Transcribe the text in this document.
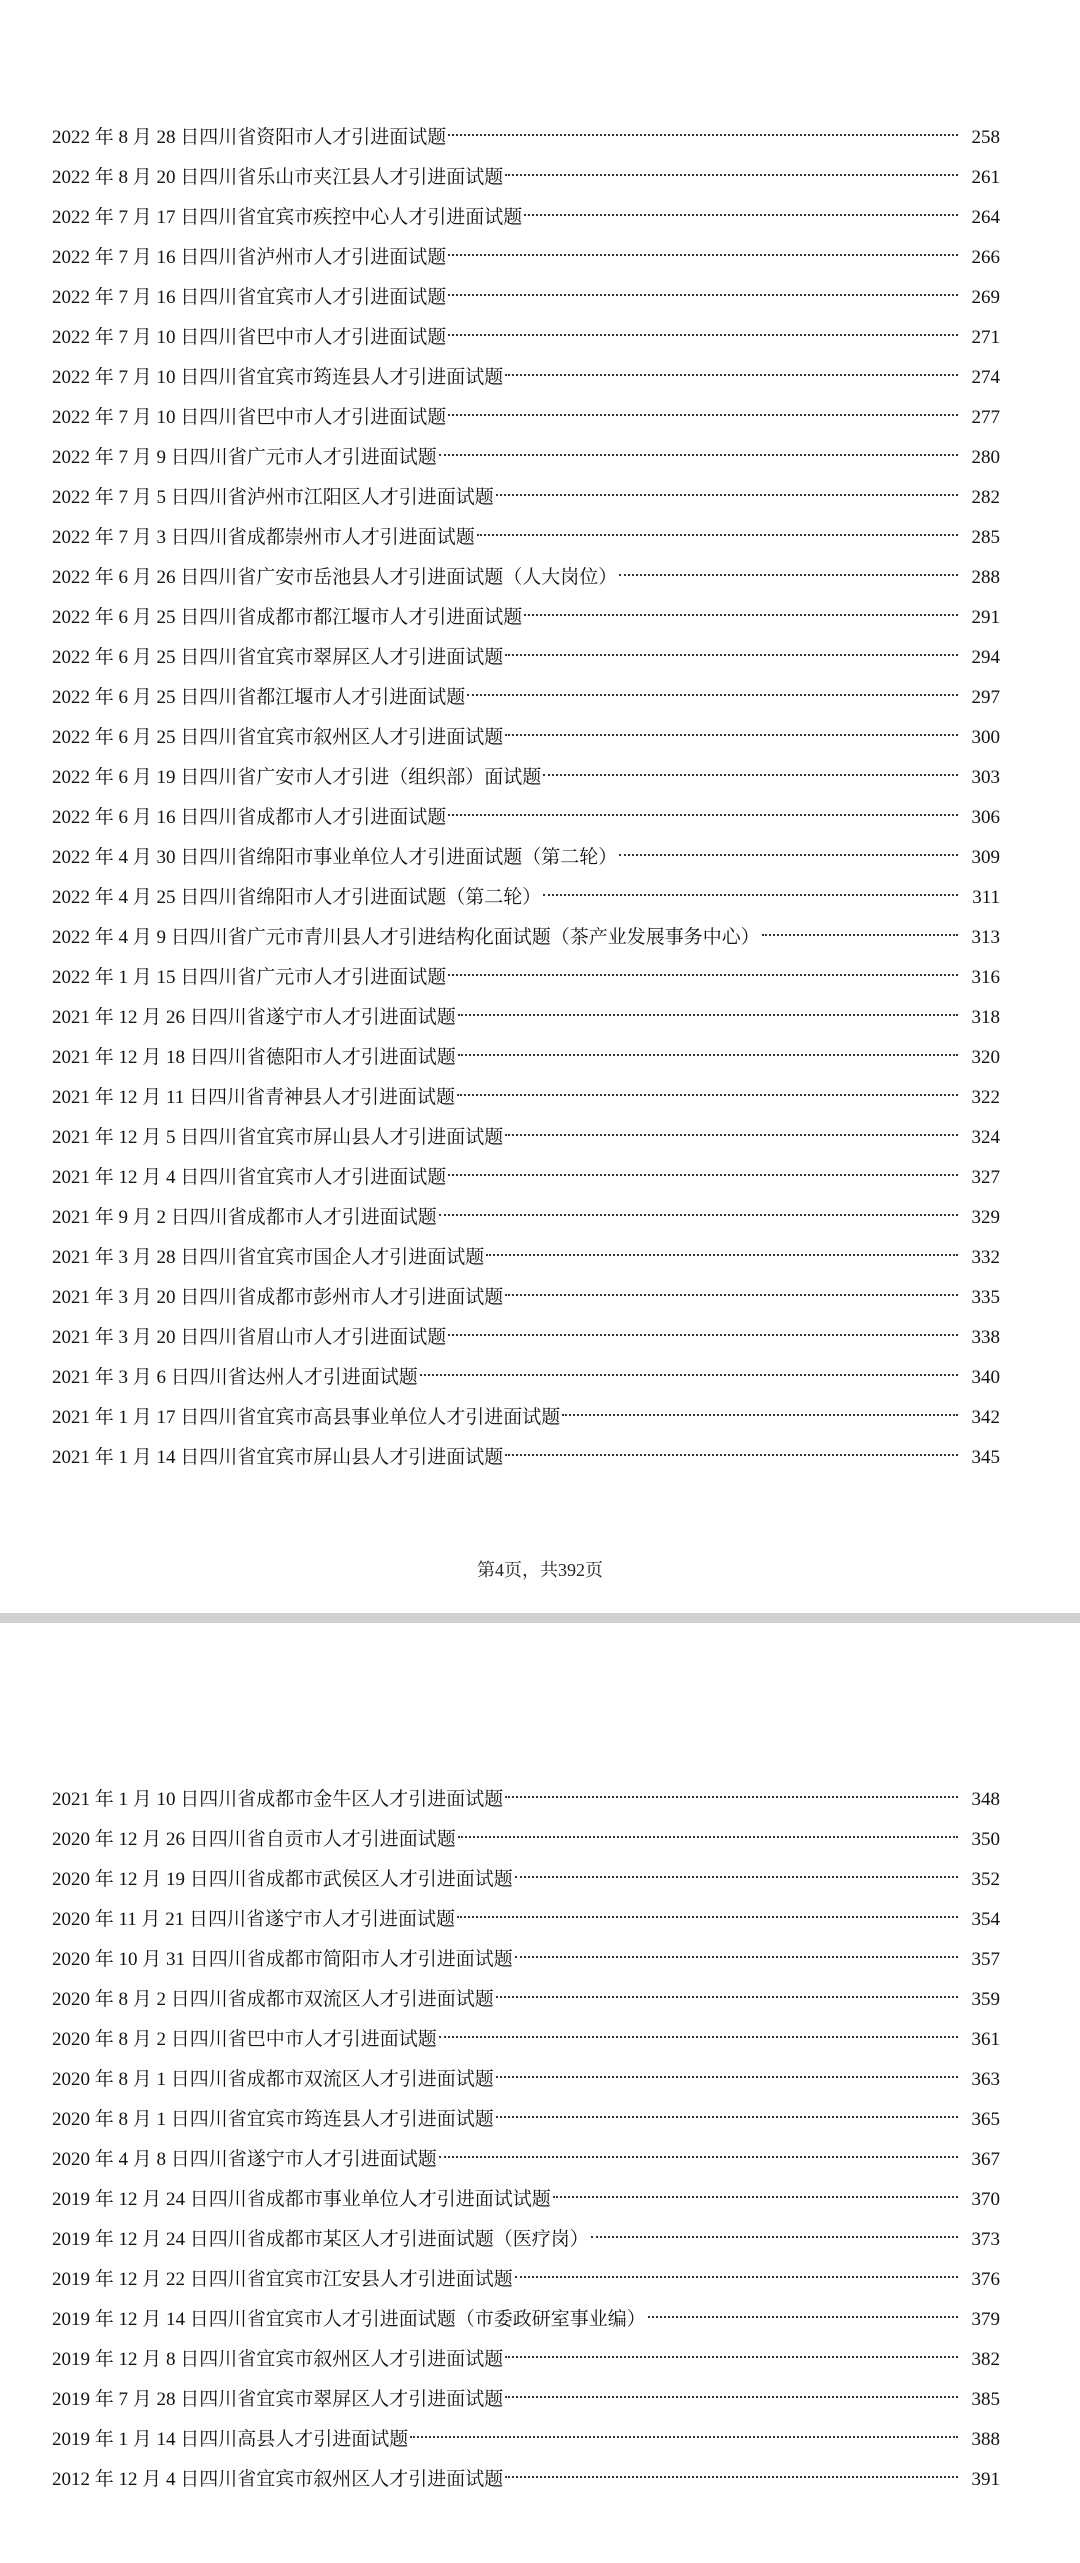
2022 年 8 月 28 日四川省资阳市人才引进面试题	258
2022 年 8 月 20 日四川省乐山市夹江县人才引进面试题	261
2022 年 7 月 17 日四川省宜宾市疾控中心人才引进面试题	264
2022 年 7 月 16 日四川省泸州市人才引进面试题	266
2022 年 7 月 16 日四川省宜宾市人才引进面试题	269
2022 年 7 月 10 日四川省巴中市人才引进面试题	271
2022 年 7 月 10 日四川省宜宾市筠连县人才引进面试题	274
2022 年 7 月 10 日四川省巴中市人才引进面试题	277
2022 年 7 月 9 日四川省广元市人才引进面试题	280
2022 年 7 月 5 日四川省泸州市江阳区人才引进面试题	282
2022 年 7 月 3 日四川省成都崇州市人才引进面试题	285
2022 年 6 月 26 日四川省广安市岳池县人才引进面试题（人大岗位）	288
2022 年 6 月 25 日四川省成都市都江堰市人才引进面试题	291
2022 年 6 月 25 日四川省宜宾市翠屏区人才引进面试题	294
2022 年 6 月 25 日四川省都江堰市人才引进面试题	297
2022 年 6 月 25 日四川省宜宾市叙州区人才引进面试题	300
2022 年 6 月 19 日四川省广安市人才引进（组织部）面试题	303
2022 年 6 月 16 日四川省成都市人才引进面试题	306
2022 年 4 月 30 日四川省绵阳市事业单位人才引进面试题（第二轮）	309
2022 年 4 月 25 日四川省绵阳市人才引进面试题（第二轮）	311
2022 年 4 月 9 日四川省广元市青川县人才引进结构化面试题（茶产业发展事务中心）	313
2022 年 1 月 15 日四川省广元市人才引进面试题	316
2021 年 12 月 26 日四川省遂宁市人才引进面试题	318
2021 年 12 月 18 日四川省德阳市人才引进面试题	320
2021 年 12 月 11 日四川省青神县人才引进面试题	322
2021 年 12 月 5 日四川省宜宾市屏山县人才引进面试题	324
2021 年 12 月 4 日四川省宜宾市人才引进面试题	327
2021 年 9 月 2 日四川省成都市人才引进面试题	329
2021 年 3 月 28 日四川省宜宾市国企人才引进面试题	332
2021 年 3 月 20 日四川省成都市彭州市人才引进面试题	335
2021 年 3 月 20 日四川省眉山市人才引进面试题	338
2021 年 3 月 6 日四川省达州人才引进面试题	340
2021 年 1 月 17 日四川省宜宾市高县事业单位人才引进面试题	342
2021 年 1 月 14 日四川省宜宾市屏山县人才引进面试题	345
第4页，共392页
2021 年 1 月 10 日四川省成都市金牛区人才引进面试题	348
2020 年 12 月 26 日四川省自贡市人才引进面试题	350
2020 年 12 月 19 日四川省成都市武侯区人才引进面试题	352
2020 年 11 月 21 日四川省遂宁市人才引进面试题	354
2020 年 10 月 31 日四川省成都市简阳市人才引进面试题	357
2020 年 8 月 2 日四川省成都市双流区人才引进面试题	359
2020 年 8 月 2 日四川省巴中市人才引进面试题	361
2020 年 8 月 1 日四川省成都市双流区人才引进面试题	363
2020 年 8 月 1 日四川省宜宾市筠连县人才引进面试题	365
2020 年 4 月 8 日四川省遂宁市人才引进面试题	367
2019 年 12 月 24 日四川省成都市事业单位人才引进面试试题	370
2019 年 12 月 24 日四川省成都市某区人才引进面试题（医疗岗）	373
2019 年 12 月 22 日四川省宜宾市江安县人才引进面试题	376
2019 年 12 月 14 日四川省宜宾市人才引进面试题（市委政研室事业编）	379
2019 年 12 月 8 日四川省宜宾市叙州区人才引进面试题	382
2019 年 7 月 28 日四川省宜宾市翠屏区人才引进面试题	385
2019 年 1 月 14 日四川高县人才引进面试题	388
2012 年 12 月 4 日四川省宜宾市叙州区人才引进面试题	391
